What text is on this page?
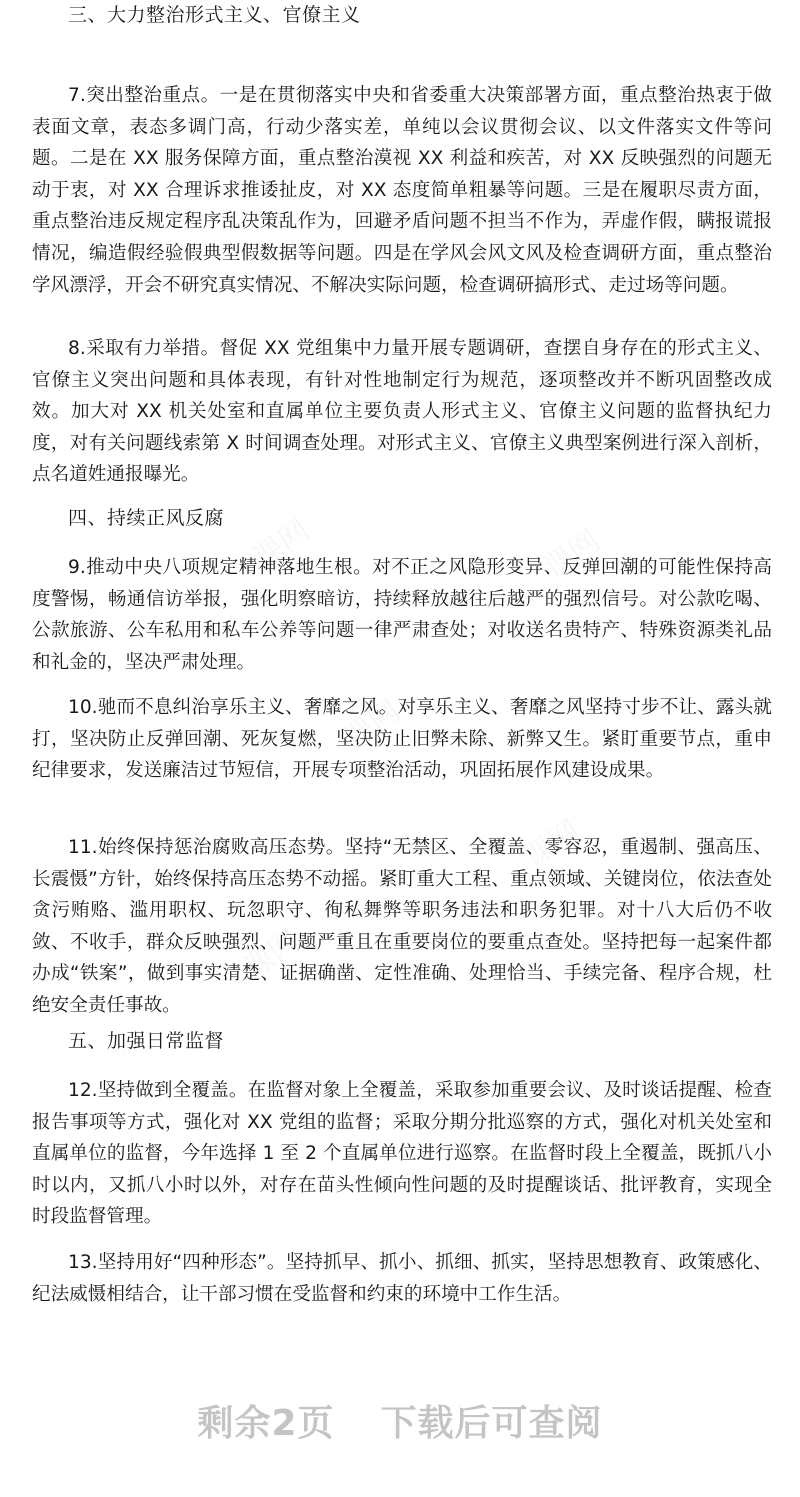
三、大力整治形式主义、官僚主义

7.突出整治重点。一是在贯彻落实中央和省委重大决策部署方面，重点整治热衷于做表面文章，表态多调门高，行动少落实差，单纯以会议贯彻会议、以文件落实文件等问题。二是在 XX 服务保障方面，重点整治漠视 XX 利益和疾苦，对 XX 反映强烈的问题无动于衷，对 XX 合理诉求推诿扯皮，对 XX 态度简单粗暴等问题。三是在履职尽责方面，重点整治违反规定程序乱决策乱作为，回避矛盾问题不担当不作为，弄虚作假，瞒报谎报情况，编造假经验假典型假数据等问题。四是在学风会风文风及检查调研方面，重点整治学风漂浮，开会不研究真实情况、不解决实际问题，检查调研搞形式、走过场等问题。

8.采取有力举措。督促 XX 党组集中力量开展专题调研，查摆自身存在的形式主义、官僚主义突出问题和具体表现，有针对性地制定行为规范，逐项整改并不断巩固整改成效。加大对 XX 机关处室和直属单位主要负责人形式主义、官僚主义问题的监督执纪力度，对有关问题线索第 X 时间调查处理。对形式主义、官僚主义典型案例进行深入剖析，点名道姓通报曝光。

四、持续正风反腐

9.推动中央八项规定精神落地生根。对不正之风隐形变异、反弹回潮的可能性保持高度警惕，畅通信访举报，强化明察暗访，持续释放越往后越严的强烈信号。对公款吃喝、公款旅游、公车私用和私车公养等问题一律严肃查处；对收送名贵特产、特殊资源类礼品和礼金的，坚决严肃处理。

10.驰而不息纠治享乐主义、奢靡之风。对享乐主义、奢靡之风坚持寸步不让、露头就打，坚决防止反弹回潮、死灰复燃，坚决防止旧弊未除、新弊又生。紧盯重要节点，重申纪律要求，发送廉洁过节短信，开展专项整治活动，巩固拓展作风建设成果。

11.始终保持惩治腐败高压态势。坚持“无禁区、全覆盖、零容忍，重遏制、强高压、长震慑”方针，始终保持高压态势不动摇。紧盯重大工程、重点领域、关键岗位，依法查处贪污贿赂、滥用职权、玩忽职守、徇私舞弊等职务违法和职务犯罪。对十八大后仍不收敛、不收手，群众反映强烈、问题严重且在重要岗位的要重点查处。坚持把每一起案件都办成“铁案”，做到事实清楚、证据确凿、定性准确、处理恰当、手续完备、程序合规，杜绝安全责任事故。

五、加强日常监督

12.坚持做到全覆盖。在监督对象上全覆盖，采取参加重要会议、及时谈话提醒、检查报告事项等方式，强化对 XX 党组的监督；采取分期分批巡察的方式，强化对机关处室和直属单位的监督，今年选择 1 至 2 个直属单位进行巡察。在监督时段上全覆盖，既抓八小时以内，又抓八小时以外，对存在苗头性倾向性问题的及时提醒谈话、批评教育，实现全时段监督管理。

13.坚持用好“四种形态”。坚持抓早、抓小、抓细、抓实，坚持思想教育、政策感化、纪法威慑相结合，让干部习惯在受监督和约束的环境中工作生活。

剩余2页 下载后可查阅
